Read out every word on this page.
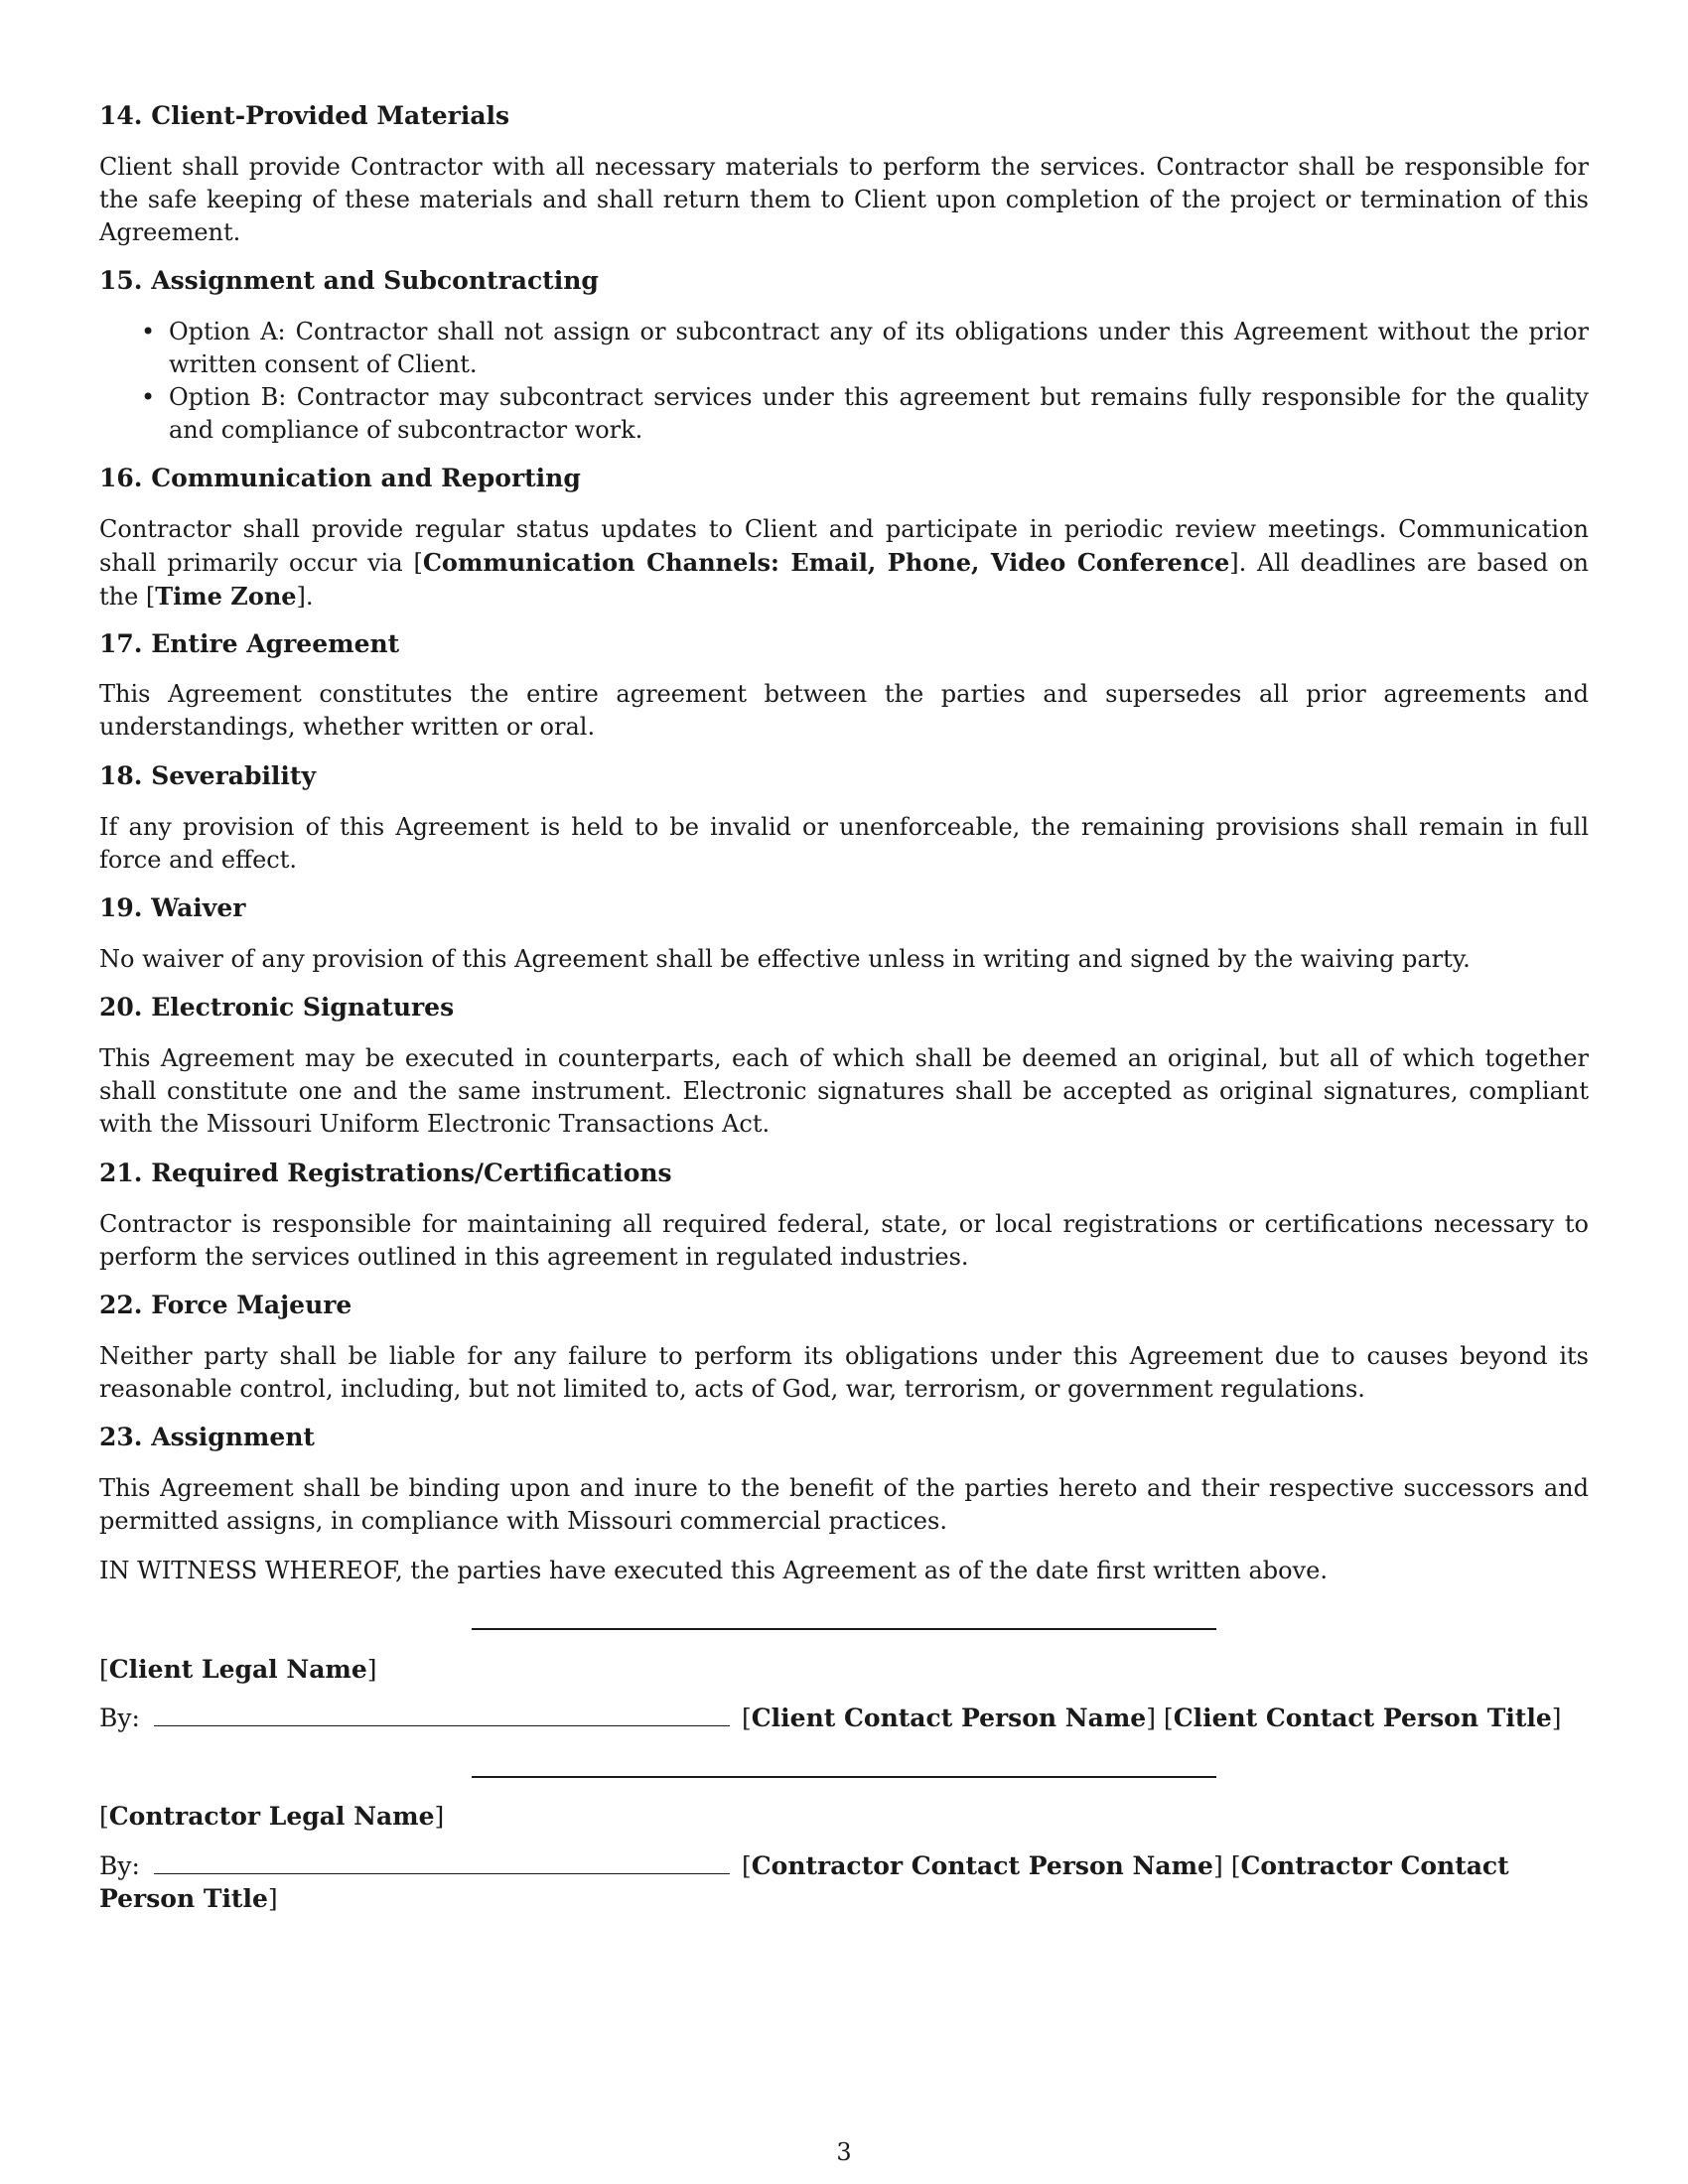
14. Client-Provided Materials

Client shall provide Contractor with all necessary materials to perform the services. Contractor shall be responsible for the safe keeping of these materials and shall return them to Client upon completion of the project or termination of this Agreement.

15. Assignment and Subcontracting
• Option A: Contractor shall not assign or subcontract any of its obligations under this Agreement without the prior written consent of Client.
• Option B: Contractor may subcontract services under this agreement but remains fully responsible for the quality and compliance of subcontractor work.
16. Communication and Reporting

Contractor shall provide regular status updates to Client and participate in periodic review meetings. Communication shall primarily occur via [Communication Channels: Email, Phone, Video Conference]. All deadlines are based on the [Time Zone].

17. Entire Agreement

This Agreement constitutes the entire agreement between the parties and supersedes all prior agreements and understandings, whether written or oral.

18. Severability

If any provision of this Agreement is held to be invalid or unenforceable, the remaining provisions shall remain in full force and effect.

19. Waiver

No waiver of any provision of this Agreement shall be effective unless in writing and signed by the waiving party.

20. Electronic Signatures

This Agreement may be executed in counterparts, each of which shall be deemed an original, but all of which together shall constitute one and the same instrument. Electronic signatures shall be accepted as original signatures, compliant with the Missouri Uniform Electronic Transactions Act.

21. Required Registrations/Certifications

Contractor is responsible for maintaining all required federal, state, or local registrations or certifications necessary to perform the services outlined in this agreement in regulated industries.

22. Force Majeure

Neither party shall be liable for any failure to perform its obligations under this Agreement due to causes beyond its reasonable control, including, but not limited to, acts of God, war, terrorism, or government regulations.

23. Assignment

This Agreement shall be binding upon and inure to the benefit of the parties hereto and their respective successors and permitted assigns, in compliance with Missouri commercial practices.

IN WITNESS WHEREOF, the parties have executed this Agreement as of the date first written above.

[Client Legal Name]
By:	[Client Contact Person Name] [Client Contact Person Title]
[Contractor Legal Name]
By:	[Contractor Contact Person Name] [Contractor Contact Person Title]
3
